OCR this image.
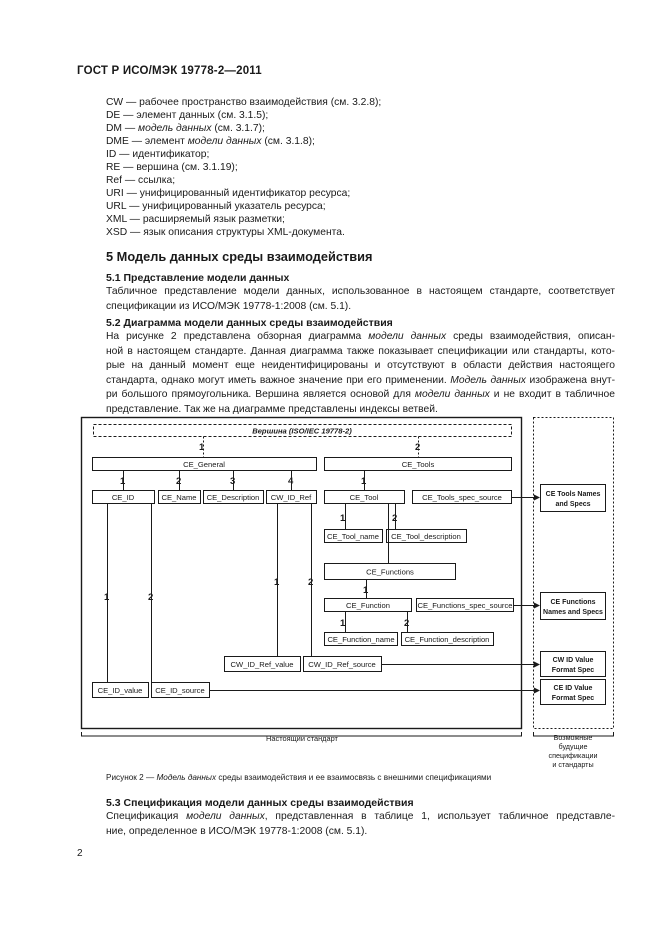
ГОСТ Р ИСО/МЭК 19778-2—2011
CW — рабочее пространство взаимодействия (см. 3.2.8);
DE — элемент данных (см. 3.1.5);
DM — модель данных (см. 3.1.7);
DME — элемент модели данных (см. 3.1.8);
ID — идентификатор;
RE — вершина (см. 3.1.19);
Ref — ссылка;
URI — унифицированный идентификатор ресурса;
URL — унифицированный указатель ресурса;
XML — расширяемый язык разметки;
XSD — язык описания структуры XML-документа.
5 Модель данных среды взаимодействия
5.1 Представление модели данных
Табличное представление модели данных, использованное в настоящем стандарте, соответствует
спецификации из ИСО/МЭК 19778-1:2008 (см. 5.1).
5.2 Диаграмма модели данных среды взаимодействия
На рисунке 2 представлена обзорная диаграмма модели данных среды взаимодействия, описан-
ной в настоящем стандарте. Данная диаграмма также показывает спецификации или стандарты, кото-
рые на данный момент еще неидентифицированы и отсутствуют в области действия настоящего
стандарта, однако могут иметь важное значение при его применении. Модель данных изображена внут-
ри большого прямоугольника. Вершина является основой для модели данных и не входит в табличное
представление. Так же на диаграмме представлены индексы ветвей.
Вершина (ISO/IEC 19778-2)
CE_General	CE_Tools
CE_ID	CE_Name CE_Description CW_ID_Ref	CE_Tool	CE_Tools_spec_source
CE_Tool_name CE_Tool_description
CE_Functions
CE_Function	CE_Functions_spec_source
CE_Function_name CE_Function_description
CW_ID_Ref_value CW_ID_Ref_source
CE_ID_value CE_ID_source
CE Tools Names
and Specs
CE Functions
Names and Specs
CW ID Value
Format Spec
CE ID Value
Format Spec
Настоящий стандарт	Возможные
будущие
спецификации
и стандарты
1	2
1	2	3	4	1
1	2
1
1	2
1	2
1	2
Рисунок 2 — Модель данных среды взаимодействия и ее взаимосвязь с внешними спецификациями
5.3 Спецификация модели данных среды взаимодействия
Спецификация модели данных, представленная в таблице 1, использует табличное представле-
ние, определенное в ИСО/МЭК 19778-1:2008 (см. 5.1).
2
